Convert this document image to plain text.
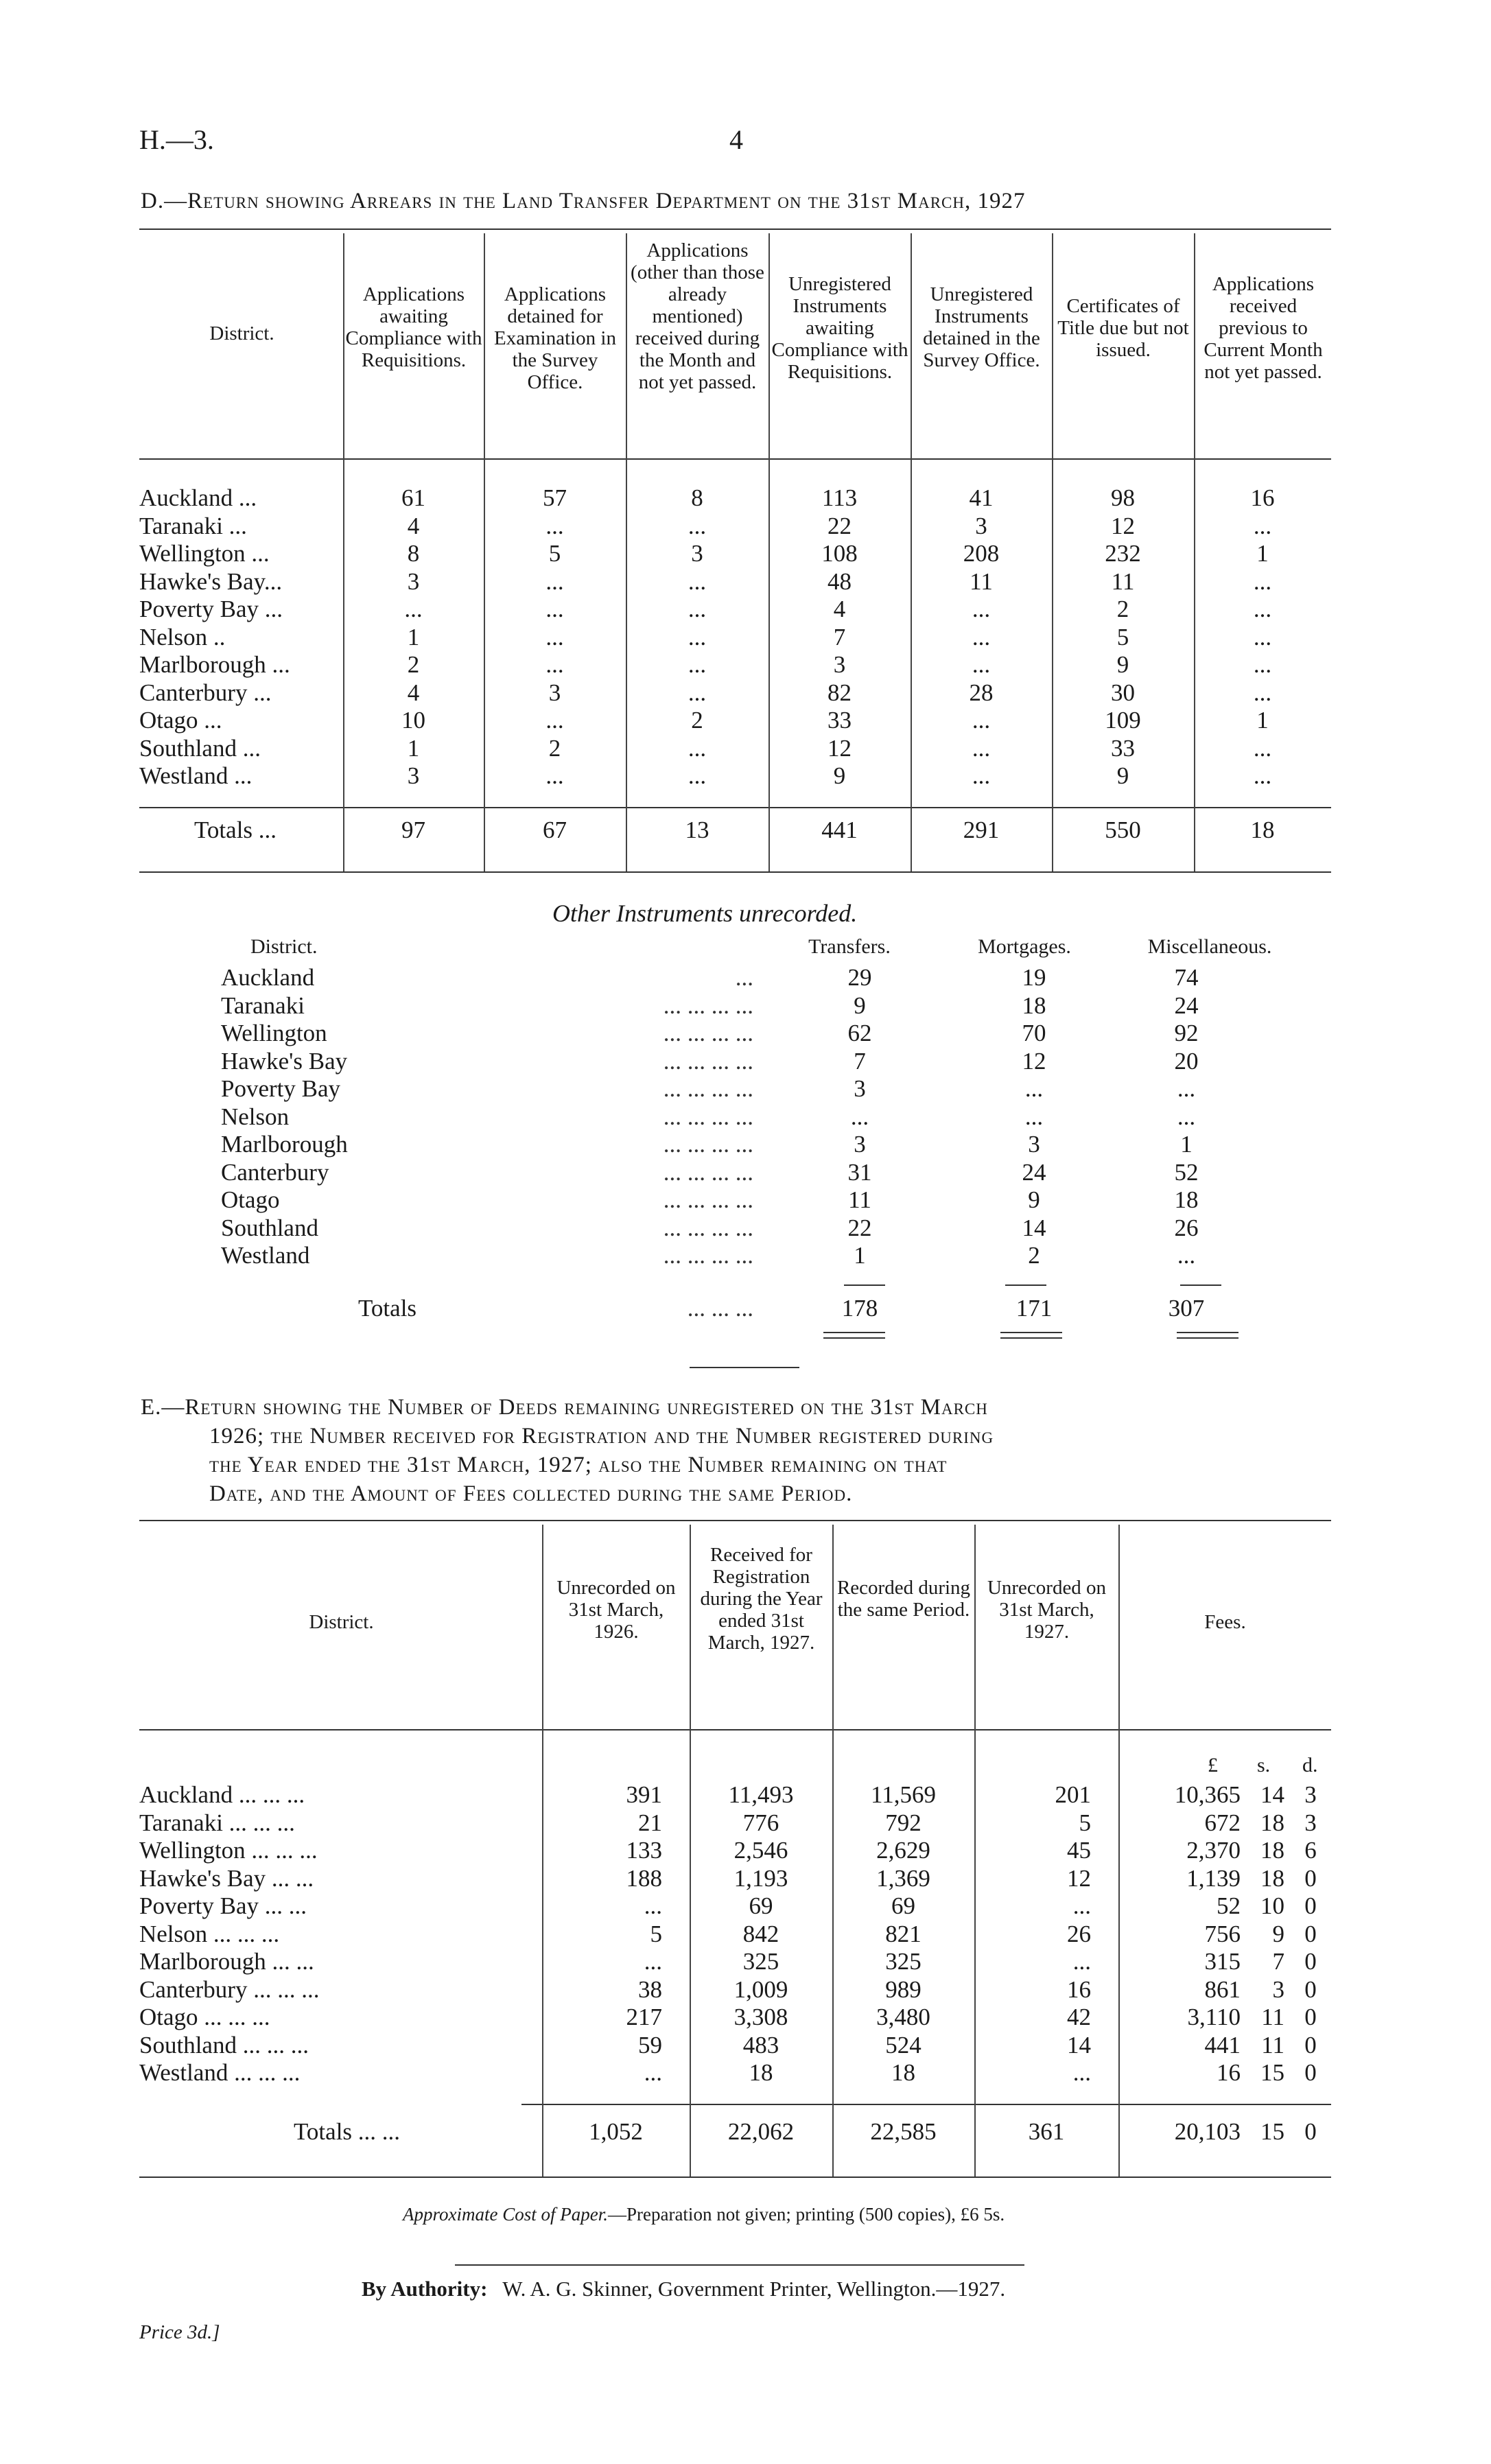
H.—3.	4
D.—Return showing Arrears in the Land Transfer Department on the 31st March, 1927
District.
Applications awaiting Compliance with Requisitions.
Applications detained for Examination in the Survey Office.
Applications (other than those already mentioned) received during the Month and not yet passed.
Unregistered Instruments awaiting Compliance with Requisitions.
Unregistered Instruments detained in the Survey Office.
Certificates of Title due but not issued.
Applications received previous to Current Month not yet passed.
Auckland ...	61	57	8	113	41	98	16
Taranaki ...	4	...	...	22	3	12	...
Wellington ...	8	5	3	108	208	232	1
Hawke's Bay...	3	...	...	48	11	11	...
Poverty Bay ...	...	...	...	4	...	2	...
Nelson ..	1	...	...	7	...	5	...
Marlborough ...	2	...	...	3	...	9	...
Canterbury ...	4	3	...	82	28	30	...
Otago ...	10	...	2	33	...	109	1
Southland ...	1	2	...	12	...	33	...
Westland ...	3	...	...	9	...	9	...
Totals ...	97	67	13	441	291	550	18
Other Instruments unrecorded.
District.	Transfers.	Mortgages.	Miscellaneous.
Auckland	...	29	19	74
Taranaki	... ... ... ...	9	18	24
Wellington	... ... ... ...	62	70	92
Hawke's Bay	... ... ... ...	7	12	20
Poverty Bay	... ... ... ...	3	...	...
Nelson	... ... ... ...	...	...	...
Marlborough	... ... ... ...	3	3	1
Canterbury	... ... ... ...	31	24	52
Otago	... ... ... ...	11	9	18
Southland	... ... ... ...	22	14	26
Westland	... ... ... ...	1	2	...
Totals	... ... ...	178	171	307
E.—Return showing the Number of Deeds remaining unregistered on the 31st March
1926; the Number received for Registration and the Number registered during
the Year ended the 31st March, 1927; also the Number remaining on that
Date, and the Amount of Fees collected during the same Period.
District.
Unrecorded on 31st March, 1926.
Received for Registration during the Year ended 31st March, 1927.
Recorded during the same Period.
Unrecorded on 31st March, 1927.	Fees.
£ s. d.
Auckland ... ... ...	391	11,493	11,569	201	10,365	14	3
Taranaki ... ... ...	21	776	792	5	672	18	3
Wellington ... ... ...	133	2,546	2,629	45	2,370	18	6
Hawke's Bay ... ...	188	1,193	1,369	12	1,139	18	0
Poverty Bay ... ...	...	69	69	...	52	10	0
Nelson ... ... ...	5	842	821	26	756	9	0
Marlborough ... ...	...	325	325	...	315	7	0
Canterbury ... ... ...	38	1,009	989	16	861	3	0
Otago ... ... ...	217	3,308	3,480	42	3,110	11	0
Southland ... ... ...	59	483	524	14	441	11	0
Westland ... ... ...	...	18	18	...	16	15	0
Totals ... ...	1,052	22,062	22,585	361	20,103	15	0
Approximate Cost of Paper.—Preparation not given; printing (500 copies), £6 5s.
By Authority: W. A. G. Skinner, Government Printer, Wellington.—1927.
Price 3d.]
